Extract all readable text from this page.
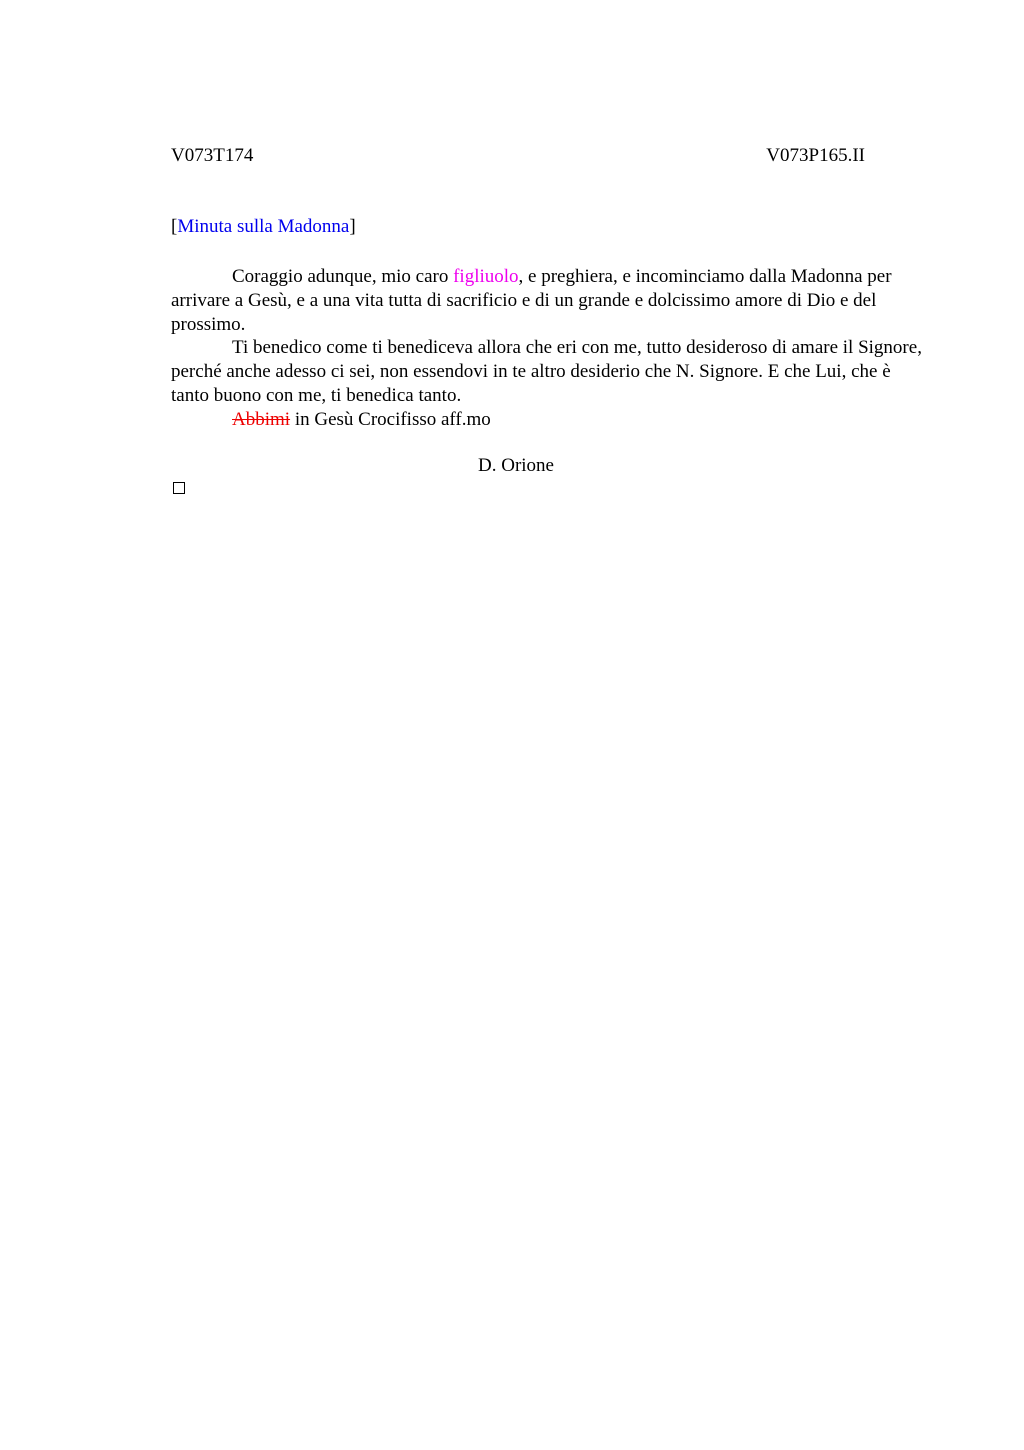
V073T174	V073P165.II
[Minuta sulla Madonna]

Coraggio adunque, mio caro figliuolo, e preghiera, e incominciamo dalla Madonna per arrivare a Gesù, e a una vita tutta di sacrificio e di un grande e dolcissimo amore di Dio e del prossimo.

Ti benedico come ti benediceva allora che eri con me, tutto desideroso di amare il Signore, perché anche adesso ci sei, non essendovi in te altro desiderio che N. Signore. E che Lui, che è tanto buono con me, ti benedica tanto.

Abbimi in Gesù Crocifisso aff.mo

D. Orione
